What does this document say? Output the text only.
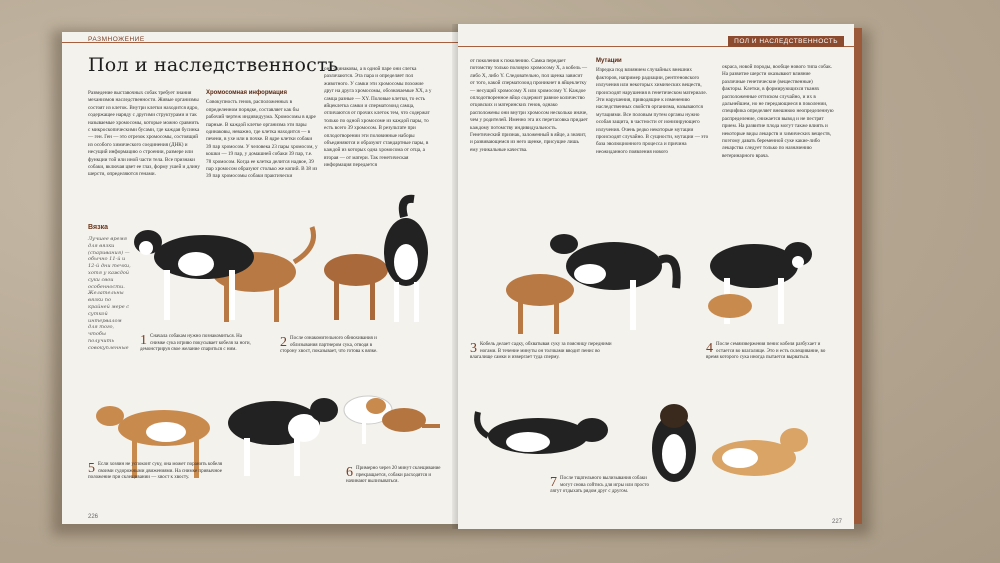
РАЗМНОЖЕНИЕ
Пол и наследственность
Разведение выставочных собак требует знания механизмов наследственности. Живые организмы состоят из клеток. Внутри клетки находится ядро, содержащее наряду с другими структурами и так называемые хромосомы, которые можно сравнить с микроскопическими бусами, где каждая бусинка — ген. Ген — это отрезок хромосомы, состоящий из особого химического соединения (ДНК) и несущий информацию о строении, размере или функции той или иной части тела. Все признаки собаки, включая цвет ее глаз, форму ушей и длину шерсти, определяются генами.
Хромосомная информация
Совокупность генов, расположенных в определенном порядке, составляет как бы рабочий чертеж индивидуума. Хромосомы в ядре парные. В каждой клетке организма эти пары одинаковы, неважно, где клетка находится — в печени, в ухе или в почке. В ядре клетки собаки 39 пар хромосом. У человека 23 пары хромосом, у кошки — 19 пар, у домашней собаки 39 пар, т.е. 78 хромосом. Когда ее клетка делится надвое, 39 пар хромосом образуют столько же копий. В 38 из 39 пар хромосомы собаки практически
они одинаковы, а в одной паре они слегка различаются. Эта пара и определяет пол животного. У самки эти хромосомы похожие друг на друга хромосомы, обозначаемые XX, а у самца разные — XY. Половые клетки, то есть яйцеклетка самки и сперматозоид самца, отличаются от прочих клеток тем, что содержат только по одной хромосоме из каждой пары, то есть всего 39 хромосом. В результате при оплодотворении эти половинные наборы объединяются и образуют стандартные пары, в каждой из которых одна хромосома от отца, а вторая — от матери. Так генетическая информация передается
Вязка
Лучшее время для вязки (спаривания) — обычно 11-й и 12-й дни течки, хотя у каждой суки свои особенности. Желательны вязки по крайней мере с суткой интервалом для того, чтобы получить совокупленные 1 Сначала собакам нужно познакомиться. На снимке сука игриво покусывает кобеля за ноги, демонстрируя свое желание спариться с ним.	2 После ознакомительного обнюхивания и облизывания партнером сука, отводя в сторону хвост, показывает, что готова к вязке.
5 Если хозяин не успокоит суку, она может поранить кобеля своими судорожными движениями. На снимке привычное положение при склещивании — хвост к хвосту.	6 Примерно через 20 минут склещивание прекращается, собаки расходятся и начинают вылизываться.
226
ПОЛ И НАСЛЕДСТВЕННОСТЬ
от поколения к поколению. Самка передает потомству только половую хромосому X, а кобель — либо X, либо Y. Следовательно, пол щенка зависит от того, какой сперматозоид проникнет в яйцеклетку — несущий хромосому X или хромосому Y. Каждое оплодотворенное яйцо содержит равное количество отцовских и материнских генов, однако расположены они внутри хромосом несколько иначе, чем у родителей. Именно эта их перетасовка придает каждому потомству индивидуальность. Генетический признак, заложенный в яйце, а значит, и развивающемся из него щенке, присущие лишь ему уникальные качества.
Мутации
Изредка под влиянием случайных внешних факторов, например радиации, рентгеновского излучения или некоторых химических веществ, происходят нарушения в генетическом материале. Эти нарушения, приводящие к изменению наследственных свойств организма, называются мутациями. Все половым путем органы нужно особая защита, в частности от ионизирующего излучения. Очень редко некоторые мутации происходят случайно. В сущности, мутации — это база эволюционного процесса и причина неожиданного появления нового
окраса, новой породы, вообще нового типа собак. На развитие шерсти оказывают влияние различные генетические (вещественные) факторы. Клетки, в формирующихся тканях расположенные оттиском случайно, и их в дальнейшем, но не передающиеся в поколении, специфика определяет внешнюю неопределенную распределение, снижается вывод и не пестрят прием. На развитие плода могут также влиять и некоторые виды лекарств и химических веществ, поэтому давать беременной суке какие-либо лекарства следует только по назначению ветеринарного врача.
3 Кобель делает садку, обхватывая суку за поясницу передними ногами. В течение минуты он толчками вводит пенис во влагалище самки и извергает туда сперму.
4 После семяизвержения пенис кобеля разбухает и остается во влагалище. Это и есть склещивание, во время которого сука иногда пытается вырваться.
7 После тщательного вылизывания собаки могут снова сойтись для игры или просто лягут отдыхать рядом друг с другом.
227
